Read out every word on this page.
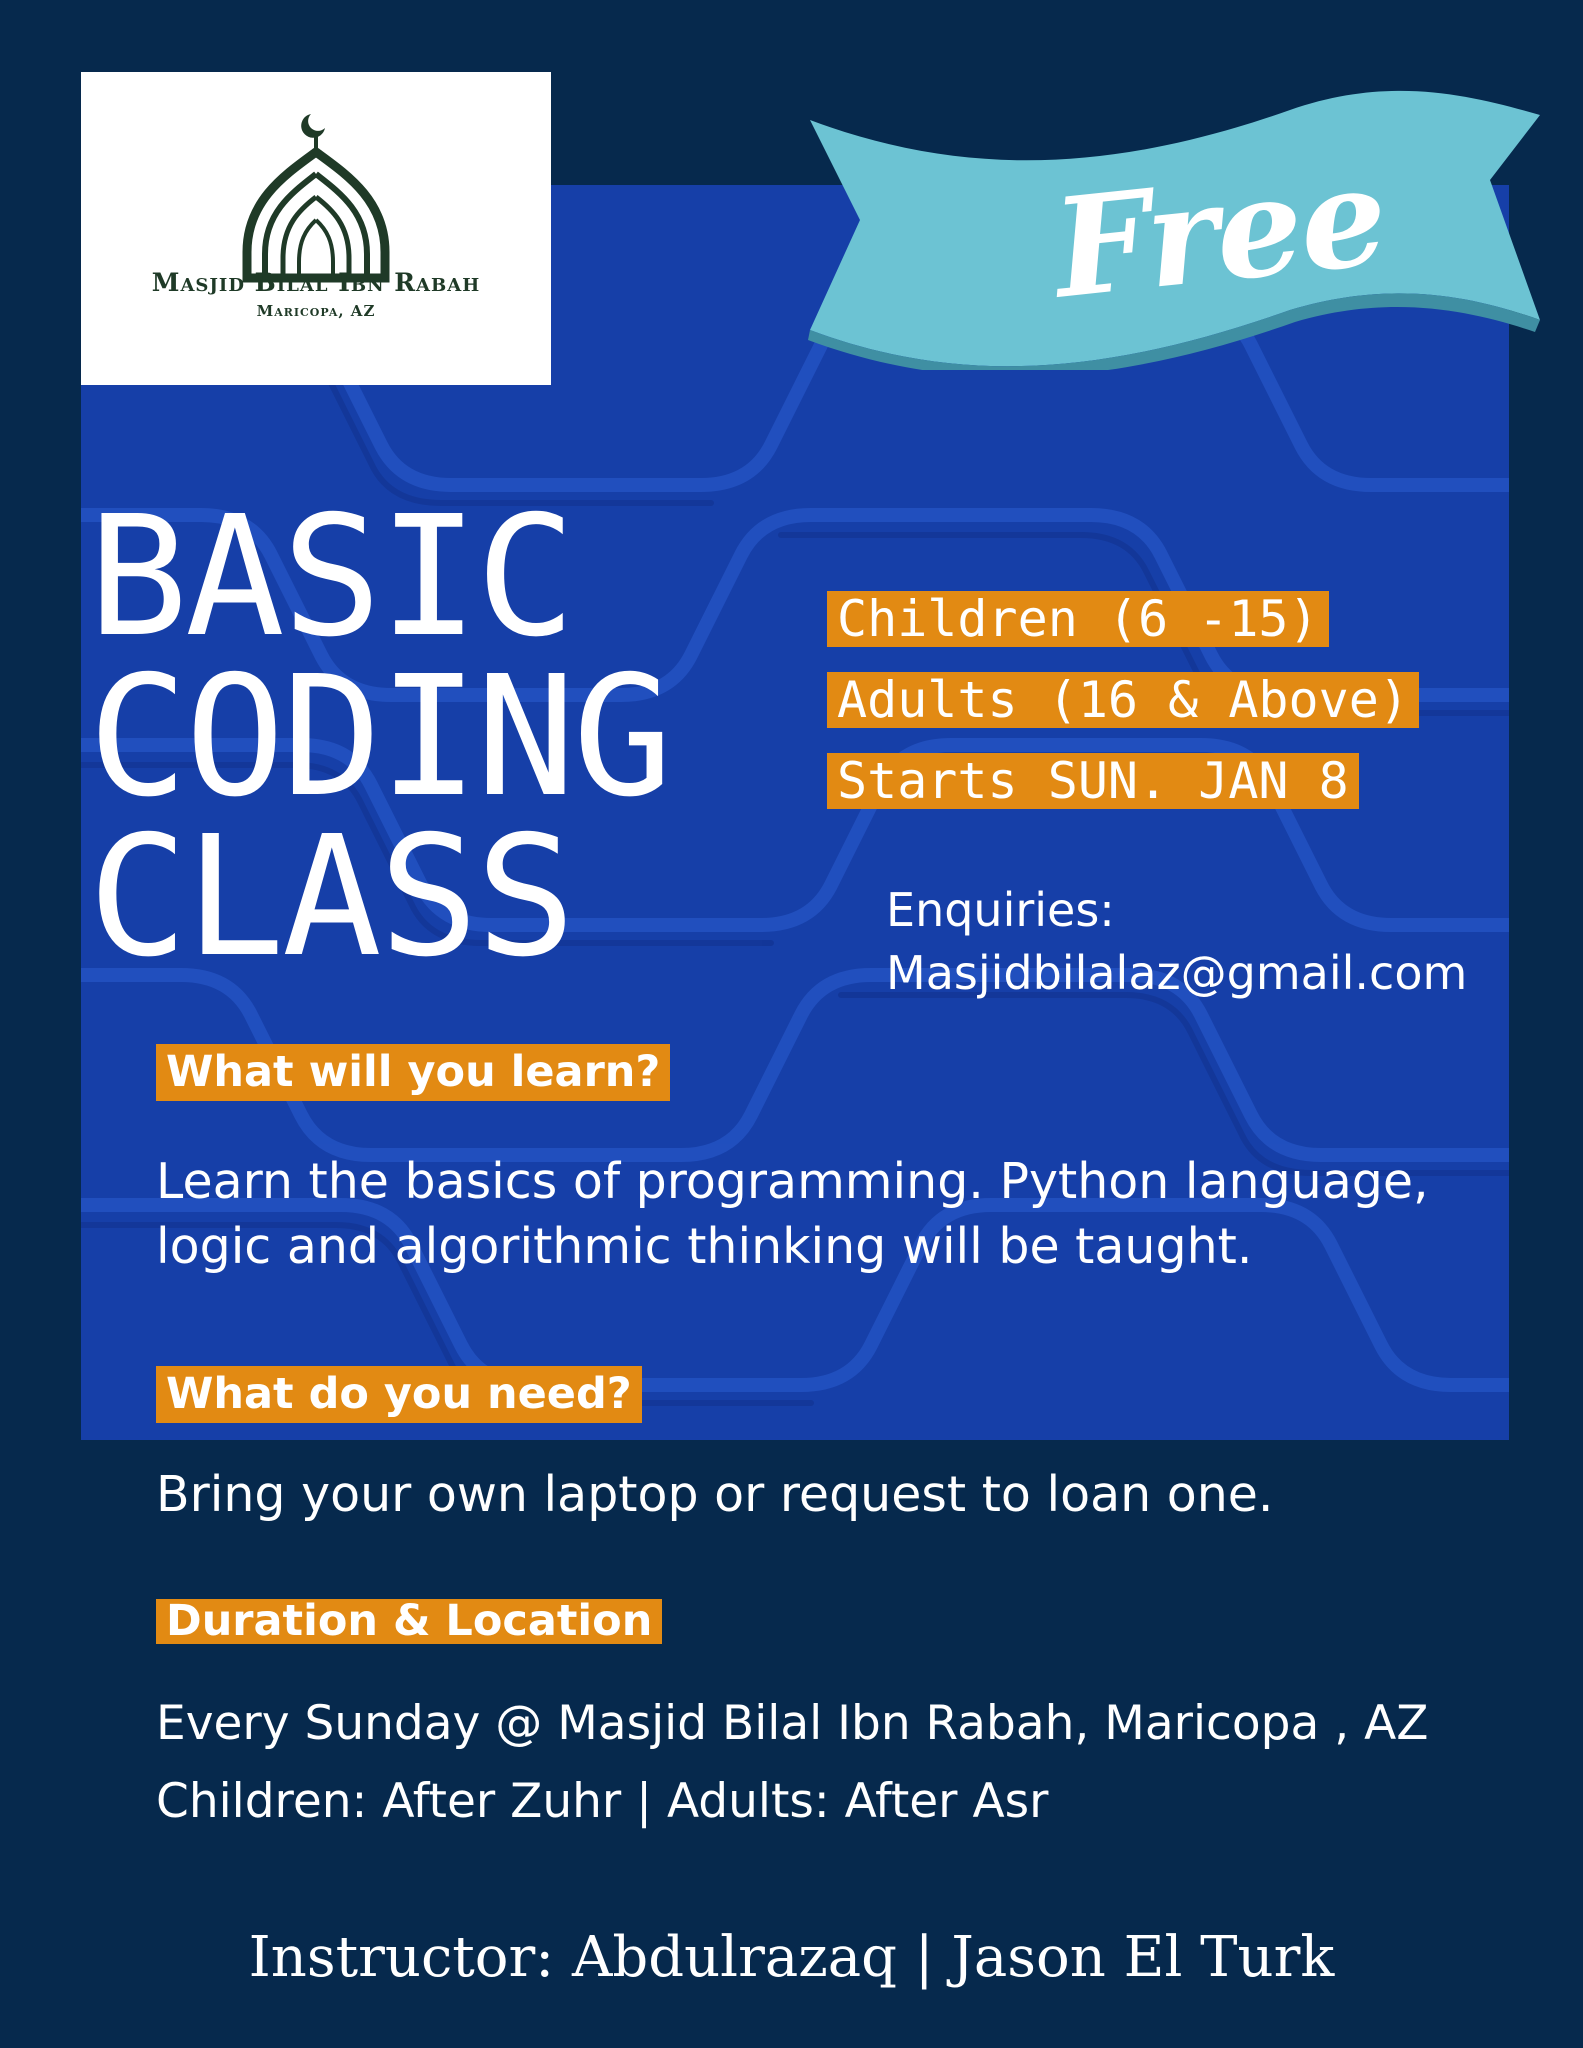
Masjid Bilal Ibn Rabah
Maricopa, AZ	Free
BASIC
CODING
CLASS
Children (6 -15)
Adults (16 & Above)
Starts SUN. JAN 8
Enquiries:
Masjidbilalaz@gmail.com
What will you learn?
Learn the basics of programming. Python language,
logic and algorithmic thinking will be taught.
What do you need?
Bring your own laptop or request to loan one.
Duration & Location
Every Sunday @ Masjid Bilal Ibn Rabah, Maricopa , AZ
Children: After Zuhr | Adults: After Asr
Instructor: Abdulrazaq | Jason El Turk
